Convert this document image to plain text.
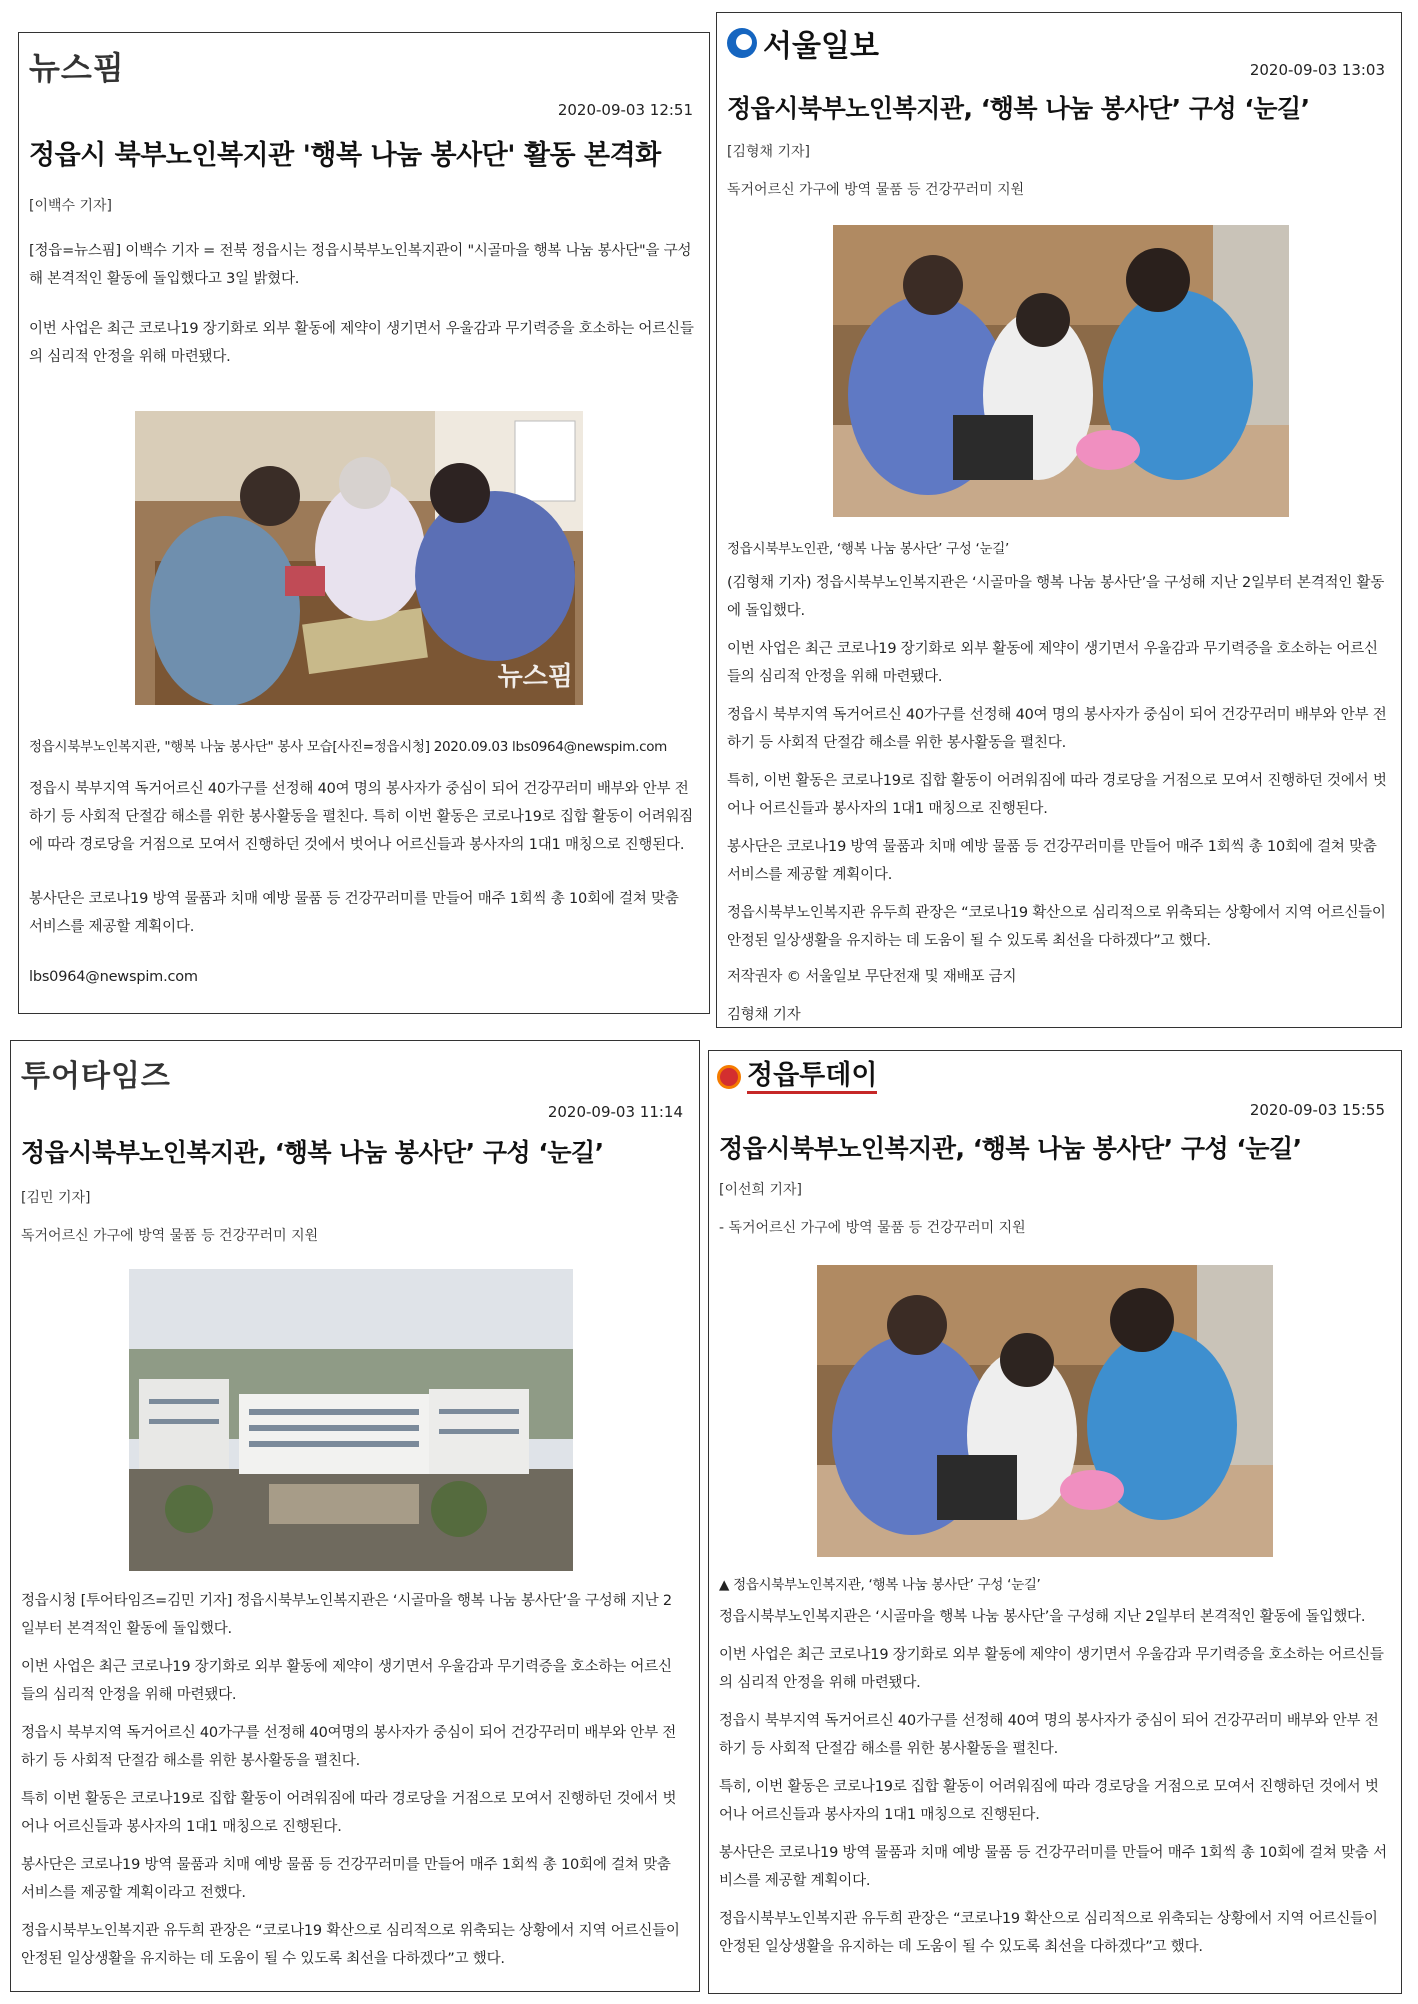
뉴스핌
2020-09-03 12:51
정읍시 북부노인복지관 '행복 나눔 봉사단' 활동 본격화
[이백수 기자]
[정읍=뉴스핌] 이백수 기자 = 전북 정읍시는 정읍시북부노인복지관이 "시골마을 행복 나눔 봉사단"을 구성해 본격적인 활동에 돌입했다고 3일 밝혔다.
이번 사업은 최근 코로나19 장기화로 외부 활동에 제약이 생기면서 우울감과 무기력증을 호소하는 어르신들의 심리적 안정을 위해 마련됐다.
뉴스핌
정읍시북부노인복지관, "행복 나눔 봉사단" 봉사 모습[사진=정읍시청] 2020.09.03 lbs0964@newspim.com
정읍시 북부지역 독거어르신 40가구를 선정해 40여 명의 봉사자가 중심이 되어 건강꾸러미 배부와 안부 전하기 등 사회적 단절감 해소를 위한 봉사활동을 펼친다. 특히 이번 활동은 코로나19로 집합 활동이 어려워짐에 따라 경로당을 거점으로 모여서 진행하던 것에서 벗어나 어르신들과 봉사자의 1대1 매칭으로 진행된다.
봉사단은 코로나19 방역 물품과 치매 예방 물품 등 건강꾸러미를 만들어 매주 1회씩 총 10회에 걸쳐 맞춤 서비스를 제공할 계획이다.
lbs0964@newspim.com
서울일보
2020-09-03 13:03
정읍시북부노인복지관, ‘행복 나눔 봉사단’ 구성 ‘눈길’
[김형채 기자]
독거어르신 가구에 방역 물품 등 건강꾸러미 지원
정읍시북부노인관, ‘행복 나눔 봉사단’ 구성 ‘눈길’
(김형채 기자) 정읍시북부노인복지관은 ‘시골마을 행복 나눔 봉사단’을 구성해 지난 2일부터 본격적인 활동에 돌입했다.
이번 사업은 최근 코로나19 장기화로 외부 활동에 제약이 생기면서 우울감과 무기력증을 호소하는 어르신들의 심리적 안정을 위해 마련됐다.
정읍시 북부지역 독거어르신 40가구를 선정해 40여 명의 봉사자가 중심이 되어 건강꾸러미 배부와 안부 전하기 등 사회적 단절감 해소를 위한 봉사활동을 펼친다.
특히, 이번 활동은 코로나19로 집합 활동이 어려워짐에 따라 경로당을 거점으로 모여서 진행하던 것에서 벗어나 어르신들과 봉사자의 1대1 매칭으로 진행된다.
봉사단은 코로나19 방역 물품과 치매 예방 물품 등 건강꾸러미를 만들어 매주 1회씩 총 10회에 걸쳐 맞춤 서비스를 제공할 계획이다.
정읍시북부노인복지관 유두희 관장은 “코로나19 확산으로 심리적으로 위축되는 상황에서 지역 어르신들이 안정된 일상생활을 유지하는 데 도움이 될 수 있도록 최선을 다하겠다”고 했다.
저작권자 © 서울일보 무단전재 및 재배포 금지
김형채 기자
투어타임즈
2020-09-03 11:14
정읍시북부노인복지관, ‘행복 나눔 봉사단’ 구성 ‘눈길’
[김민 기자]
독거어르신 가구에 방역 물품 등 건강꾸러미 지원
정읍시청 [투어타임즈=김민 기자] 정읍시북부노인복지관은 ‘시골마을 행복 나눔 봉사단’을 구성해 지난 2일부터 본격적인 활동에 돌입했다.
이번 사업은 최근 코로나19 장기화로 외부 활동에 제약이 생기면서 우울감과 무기력증을 호소하는 어르신들의 심리적 안정을 위해 마련됐다.
정읍시 북부지역 독거어르신 40가구를 선정해 40여명의 봉사자가 중심이 되어 건강꾸러미 배부와 안부 전하기 등 사회적 단절감 해소를 위한 봉사활동을 펼친다.
특히 이번 활동은 코로나19로 집합 활동이 어려워짐에 따라 경로당을 거점으로 모여서 진행하던 것에서 벗어나 어르신들과 봉사자의 1대1 매칭으로 진행된다.
봉사단은 코로나19 방역 물품과 치매 예방 물품 등 건강꾸러미를 만들어 매주 1회씩 총 10회에 걸쳐 맞춤 서비스를 제공할 계획이라고 전했다.
정읍시북부노인복지관 유두희 관장은 “코로나19 확산으로 심리적으로 위축되는 상황에서 지역 어르신들이 안정된 일상생활을 유지하는 데 도움이 될 수 있도록 최선을 다하겠다”고 했다.
정읍투데이
2020-09-03 15:55
정읍시북부노인복지관, ‘행복 나눔 봉사단’ 구성 ‘눈길’
[이선희 기자]
- 독거어르신 가구에 방역 물품 등 건강꾸러미 지원
▲ 정읍시북부노인복지관, ‘행복 나눔 봉사단’ 구성 ‘눈길’
정읍시북부노인복지관은 ‘시골마을 행복 나눔 봉사단’을 구성해 지난 2일부터 본격적인 활동에 돌입했다.
이번 사업은 최근 코로나19 장기화로 외부 활동에 제약이 생기면서 우울감과 무기력증을 호소하는 어르신들의 심리적 안정을 위해 마련됐다.
정읍시 북부지역 독거어르신 40가구를 선정해 40여 명의 봉사자가 중심이 되어 건강꾸러미 배부와 안부 전하기 등 사회적 단절감 해소를 위한 봉사활동을 펼친다.
특히, 이번 활동은 코로나19로 집합 활동이 어려워짐에 따라 경로당을 거점으로 모여서 진행하던 것에서 벗어나 어르신들과 봉사자의 1대1 매칭으로 진행된다.
봉사단은 코로나19 방역 물품과 치매 예방 물품 등 건강꾸러미를 만들어 매주 1회씩 총 10회에 걸쳐 맞춤 서비스를 제공할 계획이다.
정읍시북부노인복지관 유두희 관장은 “코로나19 확산으로 심리적으로 위축되는 상황에서 지역 어르신들이 안정된 일상생활을 유지하는 데 도움이 될 수 있도록 최선을 다하겠다”고 했다.
